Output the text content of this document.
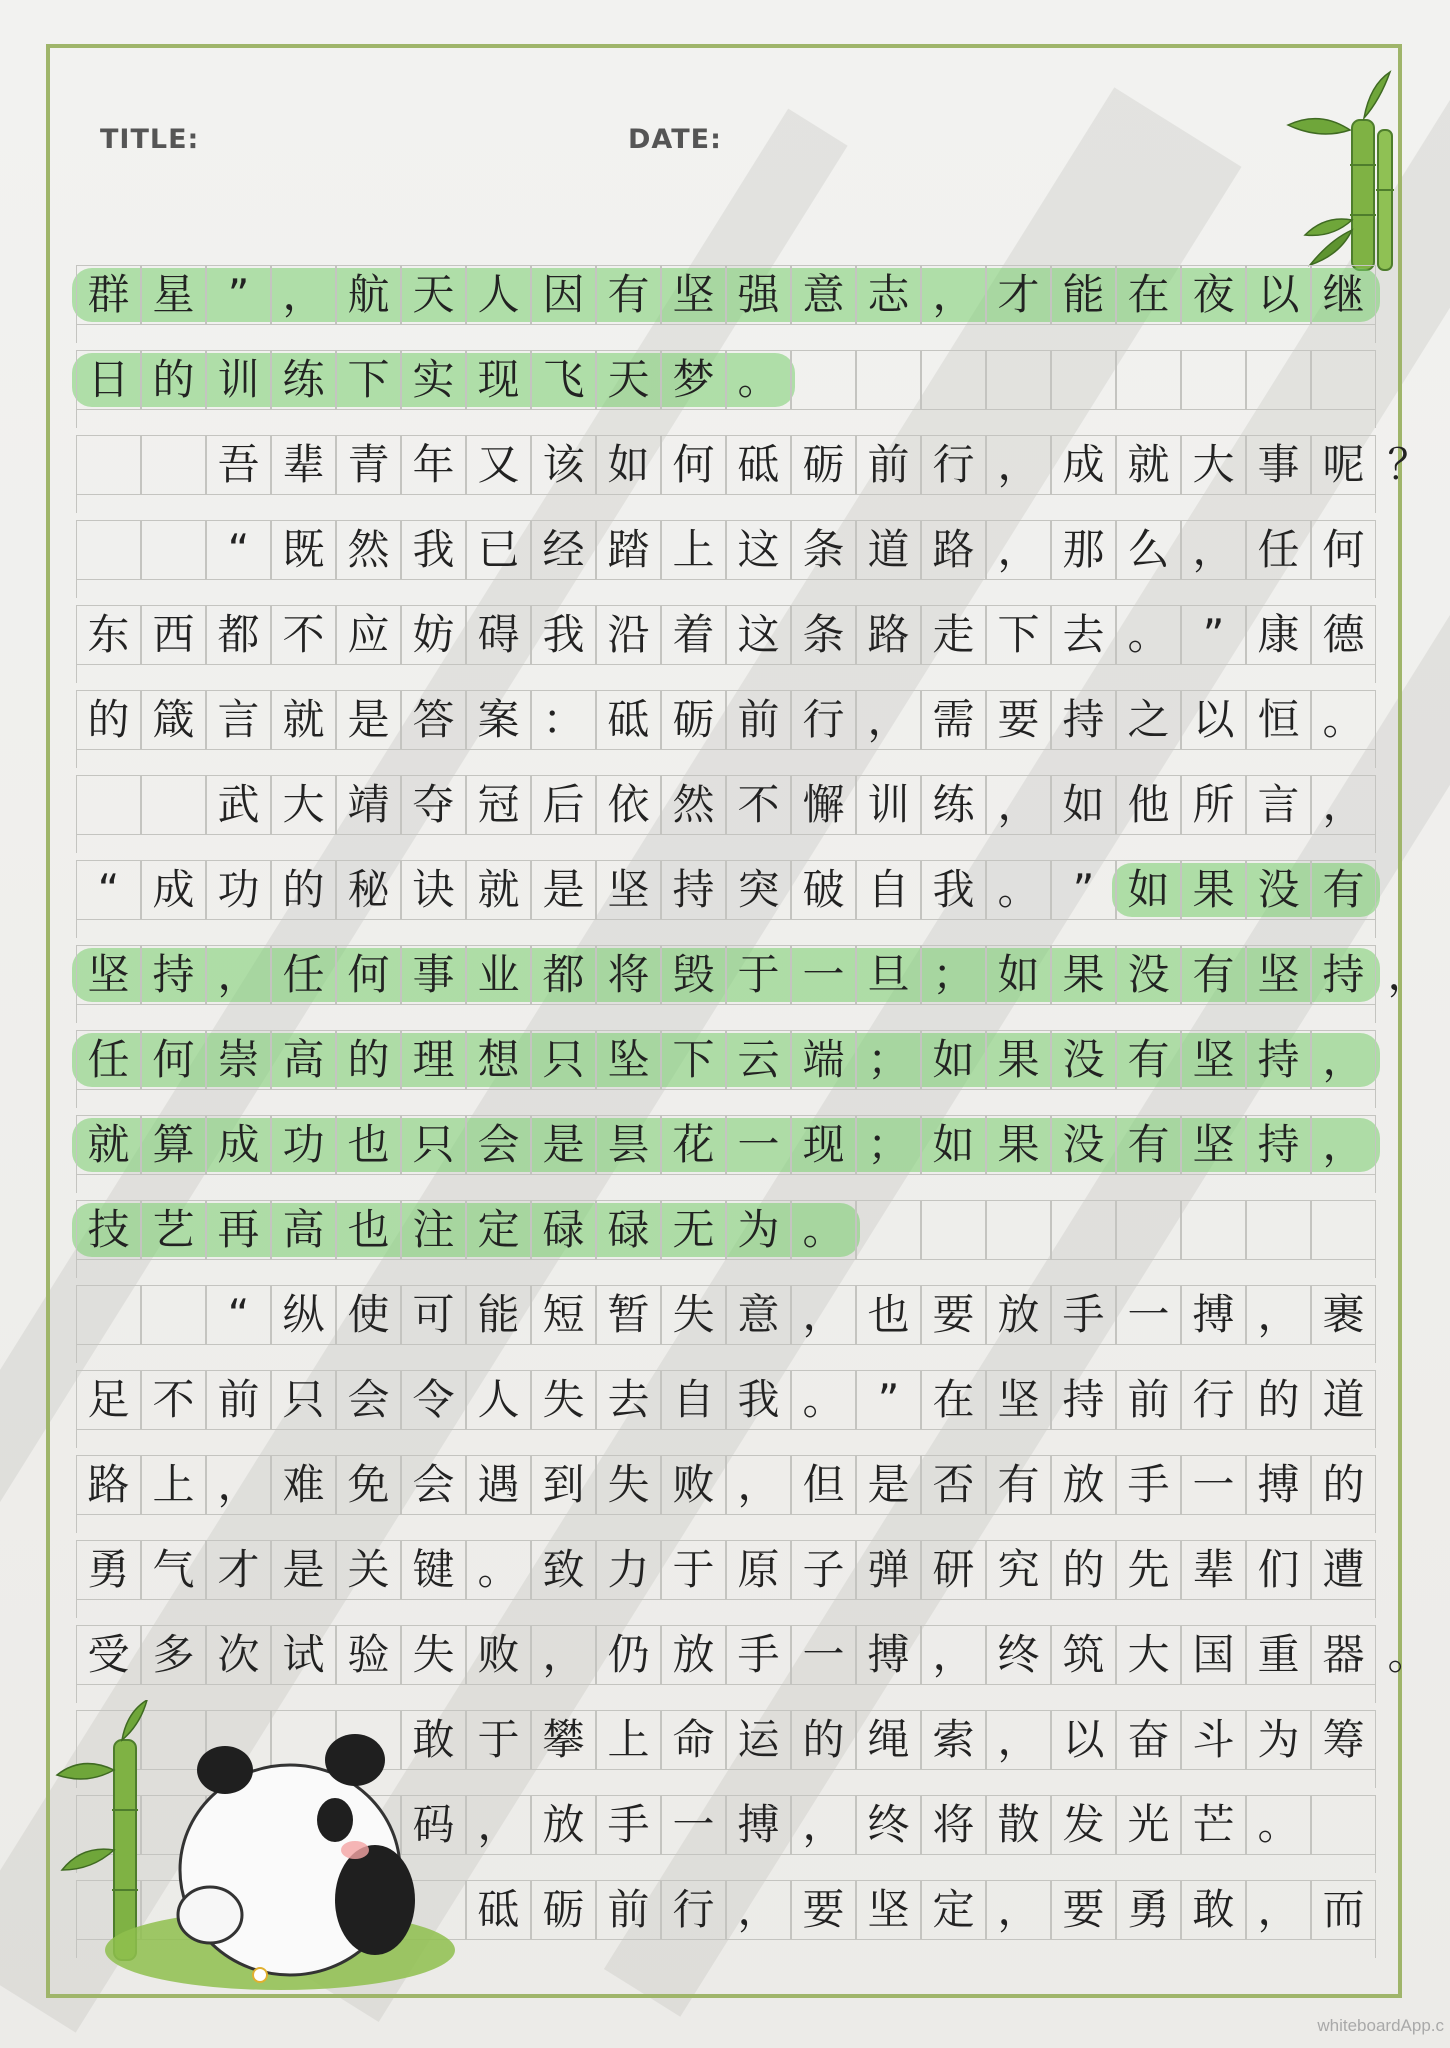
TITLE:	DATE:
群 星 ” ， 航 天 人 因 有 坚 强 意 志 ， 才 能 在 夜 以 继
日 的 训 练 下 实 现 飞 天 梦 。

吾 辈 青 年 又 该 如 何 砥 砺 前 行 ， 成 就 大 事 呢 ？

“ 既 然 我 已 经 踏 上 这 条 道 路 ， 那 么 ， 任 何
东 西 都 不 应 妨 碍 我 沿 着 这 条 路 走 下 去 。 ” 康 德
的 箴 言 就 是 答 案 ： 砥 砺 前 行 ， 需 要 持 之 以 恒 。

武 大 靖 夺 冠 后 依 然 不 懈 训 练 ， 如 他 所 言 ，
“ 成 功 的 秘 诀 就 是 坚 持 突 破 自 我 。 ” 如 果 没 有
坚 持 ， 任 何 事 业 都 将 毁 于 一 旦 ； 如 果 没 有 坚 持 ，
任 何 崇 高 的 理 想 只 坠 下 云 端 ； 如 果 没 有 坚 持 ，
就 算 成 功 也 只 会 是 昙 花 一 现 ； 如 果 没 有 坚 持 ，
技 艺 再 高 也 注 定 碌 碌 无 为 。

“ 纵 使 可 能 短 暂 失 意 ， 也 要 放 手 一 搏 ， 裹
足 不 前 只 会 令 人 失 去 自 我 。 ” 在 坚 持 前 行 的 道
路 上 ， 难 免 会 遇 到 失 败 ， 但 是 否 有 放 手 一 搏 的
勇 气 才 是 关 键 。 致 力 于 原 子 弹 研 究 的 先 辈 们 遭
受 多 次 试 验 失 败 ， 仍 放 手 一 搏 ， 终 筑 大 国 重 器 。

敢 于 攀 上 命 运 的 绳 索 ， 以 奋 斗 为 筹

码 ， 放 手 一 搏 ， 终 将 散 发 光 芒 。

砥 砺 前 行 ， 要 坚 定 ， 要 勇 敢 ， 而
whiteboardApp.c
